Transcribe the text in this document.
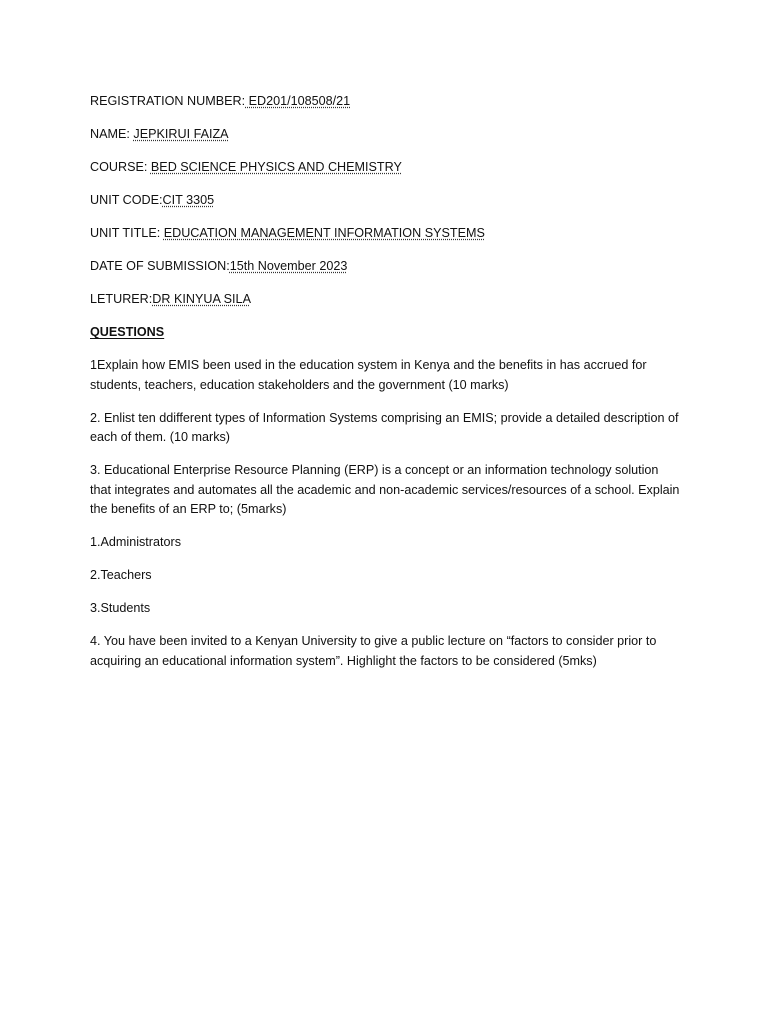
REGISTRATION NUMBER: ED201/108508/21

NAME: JEPKIRUI FAIZA

COURSE: BED SCIENCE PHYSICS AND CHEMISTRY

UNIT CODE:CIT 3305

UNIT TITLE: EDUCATION MANAGEMENT INFORMATION SYSTEMS

DATE OF SUBMISSION:15th November 2023

LETURER:DR KINYUA SILA

QUESTIONS

1Explain how EMIS been used in the education system in Kenya and the benefits in has accrued for students, teachers, education stakeholders and the government (10 marks)

2. Enlist ten ddifferent types of Information Systems comprising an EMIS; provide a detailed description of each of them. (10 marks)

3. Educational Enterprise Resource Planning (ERP) is a concept or an information technology solution that integrates and automates all the academic and non-academic services/resources of a school. Explain the benefits of an ERP to; (5marks)

1.Administrators

2.Teachers

3.Students

4. You have been invited to a Kenyan University to give a public lecture on “factors to consider prior to acquiring an educational information system”. Highlight the factors to be considered (5mks)
